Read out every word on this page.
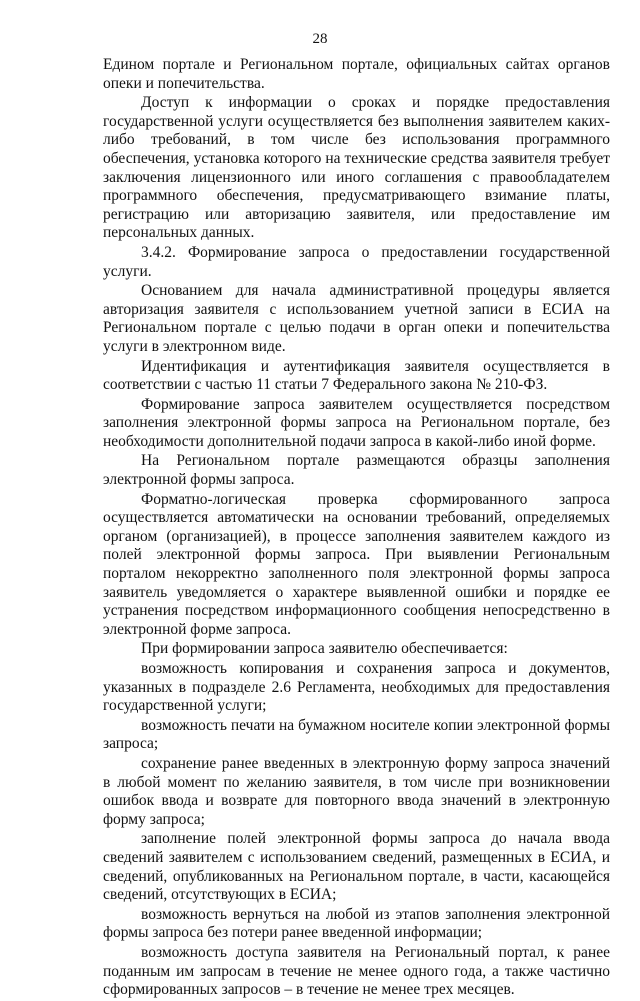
28

Едином портале и Региональном портале, официальных сайтах органов опеки и попечительства.

Доступ к информации о сроках и порядке предоставления государственной услуги осуществляется без выполнения заявителем каких-либо требований, в том числе без использования программного обеспечения, установка которого на технические средства заявителя требует заключения лицензионного или иного соглашения с правообладателем программного обеспечения, предусматривающего взимание платы, регистрацию или авторизацию заявителя, или предоставление им персональных данных.

3.4.2. Формирование запроса о предоставлении государственной услуги.

Основанием для начала административной процедуры является авторизация заявителя с использованием учетной записи в ЕСИА на Региональном портале с целью подачи в орган опеки и попечительства услуги в электронном виде.

Идентификация и аутентификация заявителя осуществляется в соответствии с частью 11 статьи 7 Федерального закона № 210-ФЗ.

Формирование запроса заявителем осуществляется посредством заполнения электронной формы запроса на Региональном портале, без необходимости дополнительной подачи запроса в какой-либо иной форме.

На Региональном портале размещаются образцы заполнения электронной формы запроса.

Форматно-логическая проверка сформированного запроса осуществляется автоматически на основании требований, определяемых органом (организацией), в процессе заполнения заявителем каждого из полей электронной формы запроса. При выявлении Региональным порталом некорректно заполненного поля электронной формы запроса заявитель уведомляется о характере выявленной ошибки и порядке ее устранения посредством информационного сообщения непосредственно в электронной форме запроса.

При формировании запроса заявителю обеспечивается:

возможность копирования и сохранения запроса и документов, указанных в подразделе 2.6 Регламента, необходимых для предоставления государственной услуги;

возможность печати на бумажном носителе копии электронной формы запроса;

сохранение ранее введенных в электронную форму запроса значений в любой момент по желанию заявителя, в том числе при возникновении ошибок ввода и возврате для повторного ввода значений в электронную форму запроса;

заполнение полей электронной формы запроса до начала ввода сведений заявителем с использованием сведений, размещенных в ЕСИА, и сведений, опубликованных на Региональном портале, в части, касающейся сведений, отсутствующих в ЕСИА;

возможность вернуться на любой из этапов заполнения электронной формы запроса без потери ранее введенной информации;

возможность доступа заявителя на Региональный портал, к ранее поданным им запросам в течение не менее одного года, а также частично сформированных запросов – в течение не менее трех месяцев.
